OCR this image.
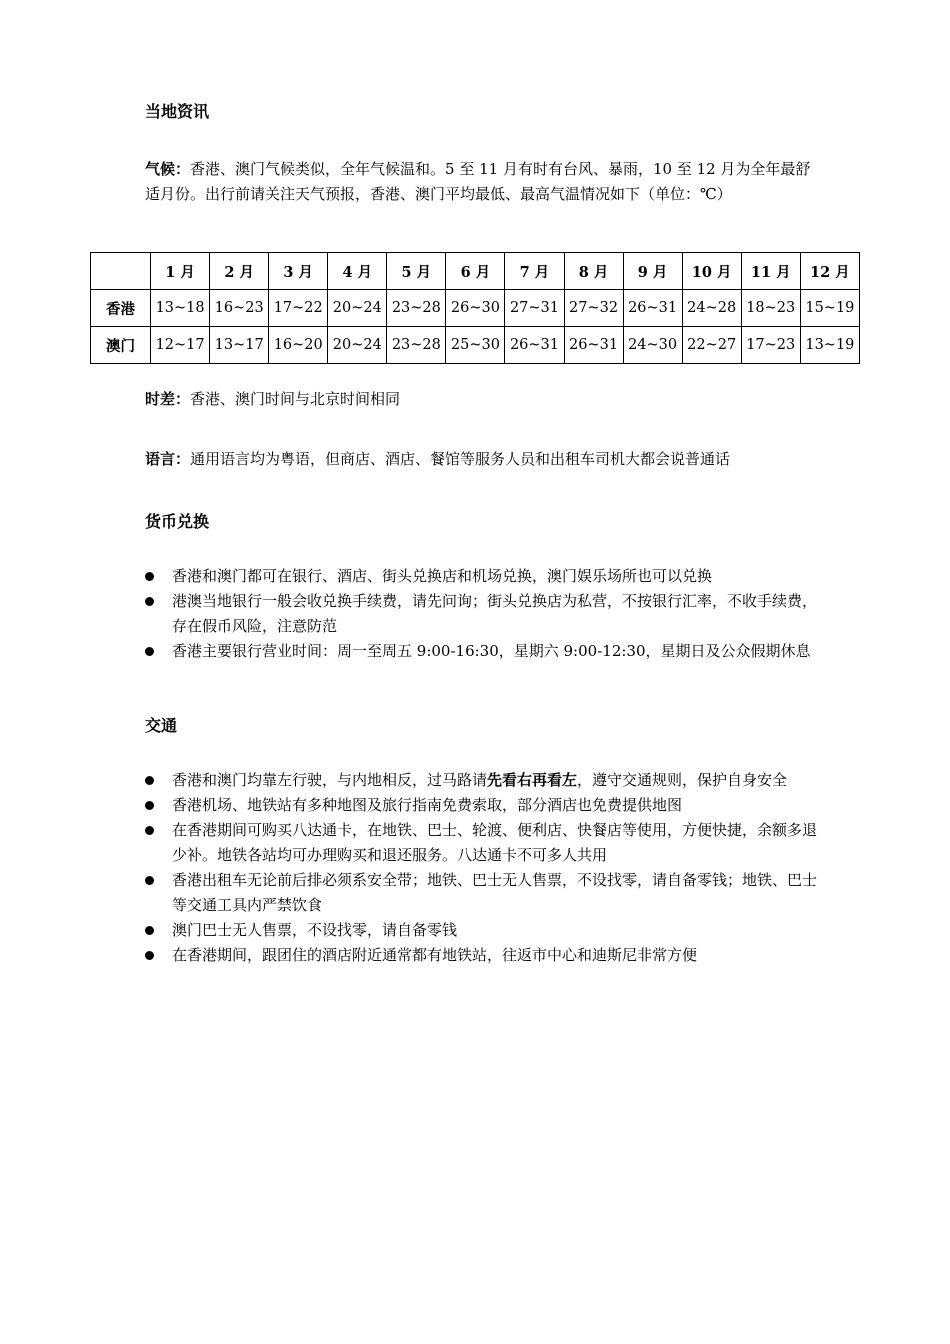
当地资讯
气候：香港、澳门气候类似，全年气候温和。5 至 11 月有时有台风、暴雨，10 至 12 月为全年最舒适月份。出行前请关注天气预报，香港、澳门平均最低、最高气温情况如下（单位：℃）
时差：香港、澳门时间与北京时间相同
语言：通用语言均为粤语，但商店、酒店、餐馆等服务人员和出租车司机大都会说普通话
货币兑换
香港和澳门都可在银行、酒店、街头兑换店和机场兑换，澳门娱乐场所也可以兑换
港澳当地银行一般会收兑换手续费，请先问询；街头兑换店为私营，不按银行汇率，不收手续费，存在假币风险，注意防范
香港主要银行营业时间：周一至周五 9:00-16:30，星期六 9:00-12:30，星期日及公众假期休息
交通
香港和澳门均靠左行驶，与内地相反，过马路请先看右再看左，遵守交通规则，保护自身安全
香港机场、地铁站有多种地图及旅行指南免费索取，部分酒店也免费提供地图
在香港期间可购买八达通卡，在地铁、巴士、轮渡、便利店、快餐店等使用，方便快捷，余额多退少补。地铁各站均可办理购买和退还服务。八达通卡不可多人共用
香港出租车无论前后排必须系安全带；地铁、巴士无人售票，不设找零，请自备零钱；地铁、巴士等交通工具内严禁饮食
澳门巴士无人售票，不设找零，请自备零钱
在香港期间，跟团住的酒店附近通常都有地铁站，往返市中心和迪斯尼非常方便
	1 月	2 月	3 月	4 月	5 月	6 月	7 月	8 月	9 月	10 月	11 月	12 月
香港	13~18	16~23	17~22	20~24	23~28	26~30	27~31	27~32	26~31	24~28	18~23	15~19
澳门	12~17	13~17	16~20	20~24	23~28	25~30	26~31	26~31	24~30	22~27	17~23	13~19
